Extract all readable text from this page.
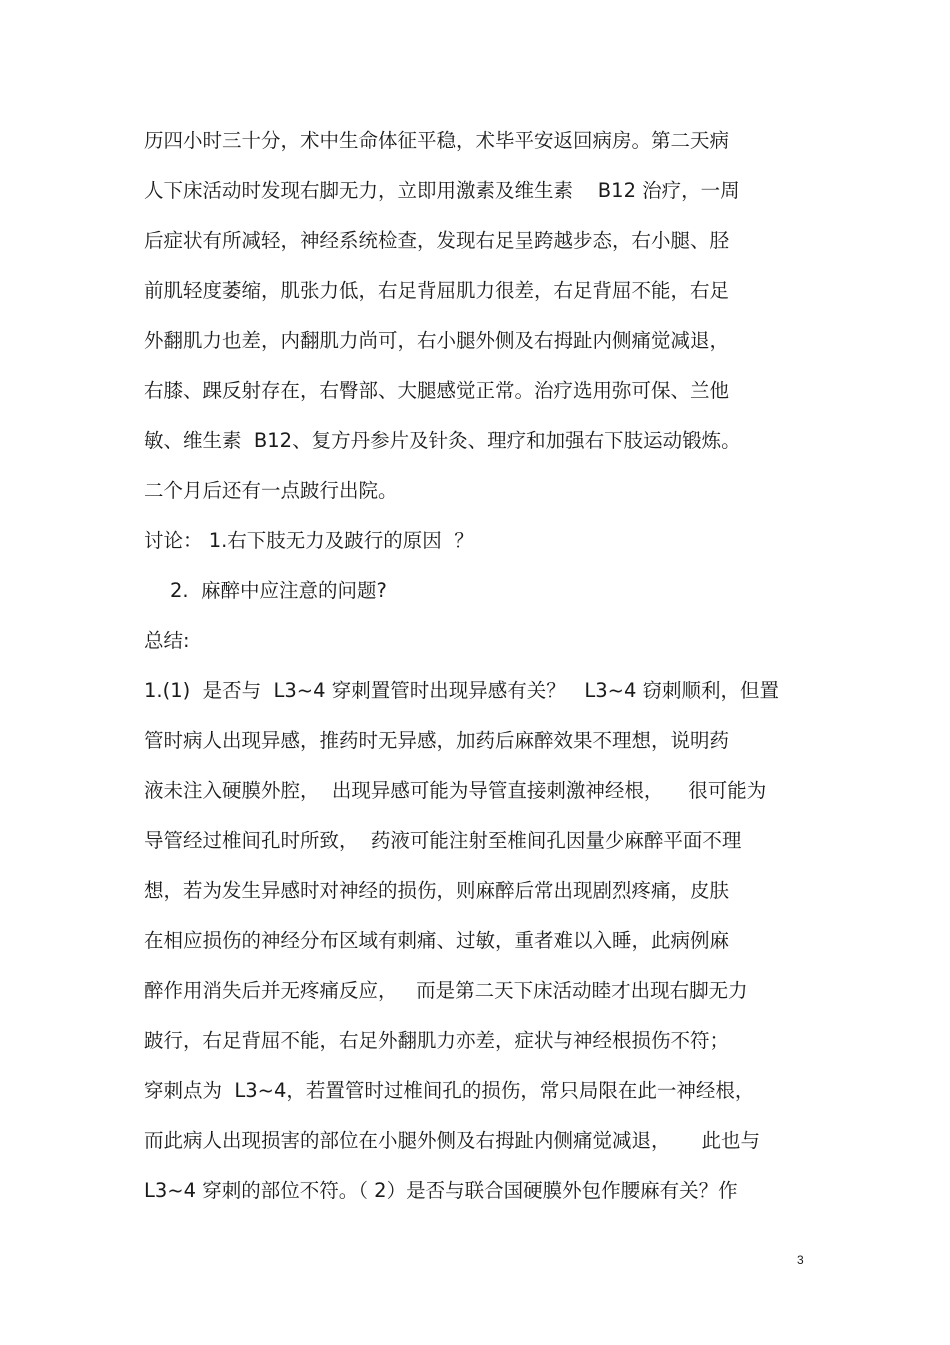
历四小时三十分，术中生命体征平稳，术毕平安返回病房。第二天病
人下床活动时发现右脚无力，立即用激素及维生素    B12 治疗，一周
后症状有所减轻，神经系统检查，发现右足呈跨越步态，右小腿、胫
前肌轻度萎缩，肌张力低，右足背屈肌力很差，右足背屈不能，右足
外翻肌力也差，内翻肌力尚可，右小腿外侧及右拇趾内侧痛觉减退，
右膝、踝反射存在，右臀部、大腿感觉正常。治疗选用弥可保、兰他
敏、维生素  B12、复方丹参片及针灸、理疗和加强右下肢运动锻炼。
二个月后还有一点跛行出院。
讨论： 1.右下肢无力及跛行的原因  ？
2.  麻醉中应注意的问题?
总结:
1.(1)  是否与  L3~4 穿刺置管时出现异感有关？   L3~4 窃刺顺利，但置
管时病人出现异感，推药时无异感，加药后麻醉效果不理想，说明药
液未注入硬膜外腔，  出现异感可能为导管直接刺激神经根，    很可能为
导管经过椎间孔时所致，  药液可能注射至椎间孔因量少麻醉平面不理
想，若为发生异感时对神经的损伤，则麻醉后常出现剧烈疼痛，皮肤
在相应损伤的神经分布区域有刺痛、过敏，重者难以入睡，此病例麻
醉作用消失后并无疼痛反应，   而是第二天下床活动睦才出现右脚无力
跛行，右足背屈不能，右足外翻肌力亦差，症状与神经根损伤不符；
穿刺点为  L3~4，若置管时过椎间孔的损伤，常只局限在此一神经根，
而此病人出现损害的部位在小腿外侧及右拇趾内侧痛觉减退，     此也与
L3~4 穿刺的部位不符。（ 2）是否与联合国硬膜外包作腰麻有关？作
3
